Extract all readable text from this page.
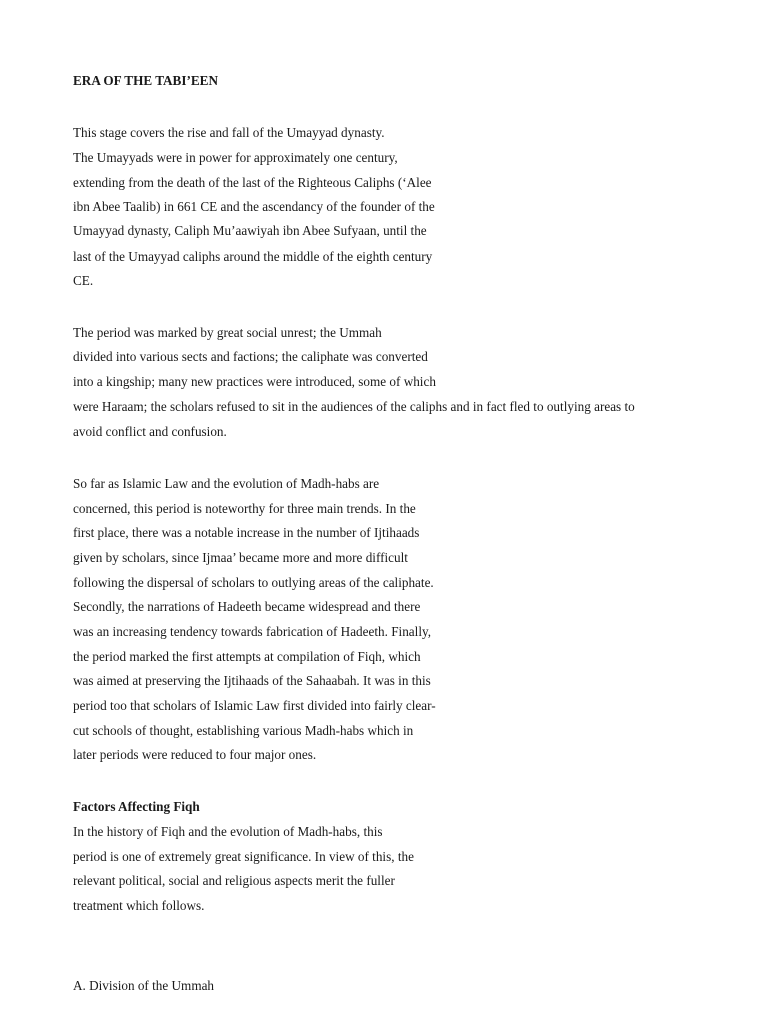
ERA OF THE TABI’EEN
This stage covers the rise and fall of the Umayyad dynasty.
The Umayyads were in power for approximately one century,
extending from the death of the last of the Righteous Caliphs (‘Alee
ibn Abee Taalib) in 661 CE and the ascendancy of the founder of the
Umayyad dynasty, Caliph Mu’aawiyah ibn Abee Sufyaan, until the
last of the Umayyad caliphs around the middle of the eighth century
CE.
The period was marked by great social unrest; the Ummah
divided into various sects and factions; the caliphate was converted
into a kingship; many new practices were introduced, some of which
were Haraam; the scholars refused to sit in the audiences of the caliphs and in fact fled to outlying areas to
avoid conflict and confusion.
So far as Islamic Law and the evolution of Madh-habs are
concerned, this period is noteworthy for three main trends. In the
first place, there was a notable increase in the number of Ijtihaads
given by scholars, since Ijmaa’ became more and more difficult
following the dispersal of scholars to outlying areas of the caliphate.
Secondly, the narrations of Hadeeth became widespread and there
was an increasing tendency towards fabrication of Hadeeth. Finally,
the period marked the first attempts at compilation of Fiqh, which
was aimed at preserving the Ijtihaads of the Sahaabah. It was in this
period too that scholars of Islamic Law first divided into fairly clear-
cut schools of thought, establishing various Madh-habs which in
later periods were reduced to four major ones.
Factors Affecting Fiqh
In the history of Fiqh and the evolution of Madh-habs, this
period is one of extremely great significance. In view of this, the
relevant political, social and religious aspects merit the fuller
treatment which follows.
A. Division of the Ummah
